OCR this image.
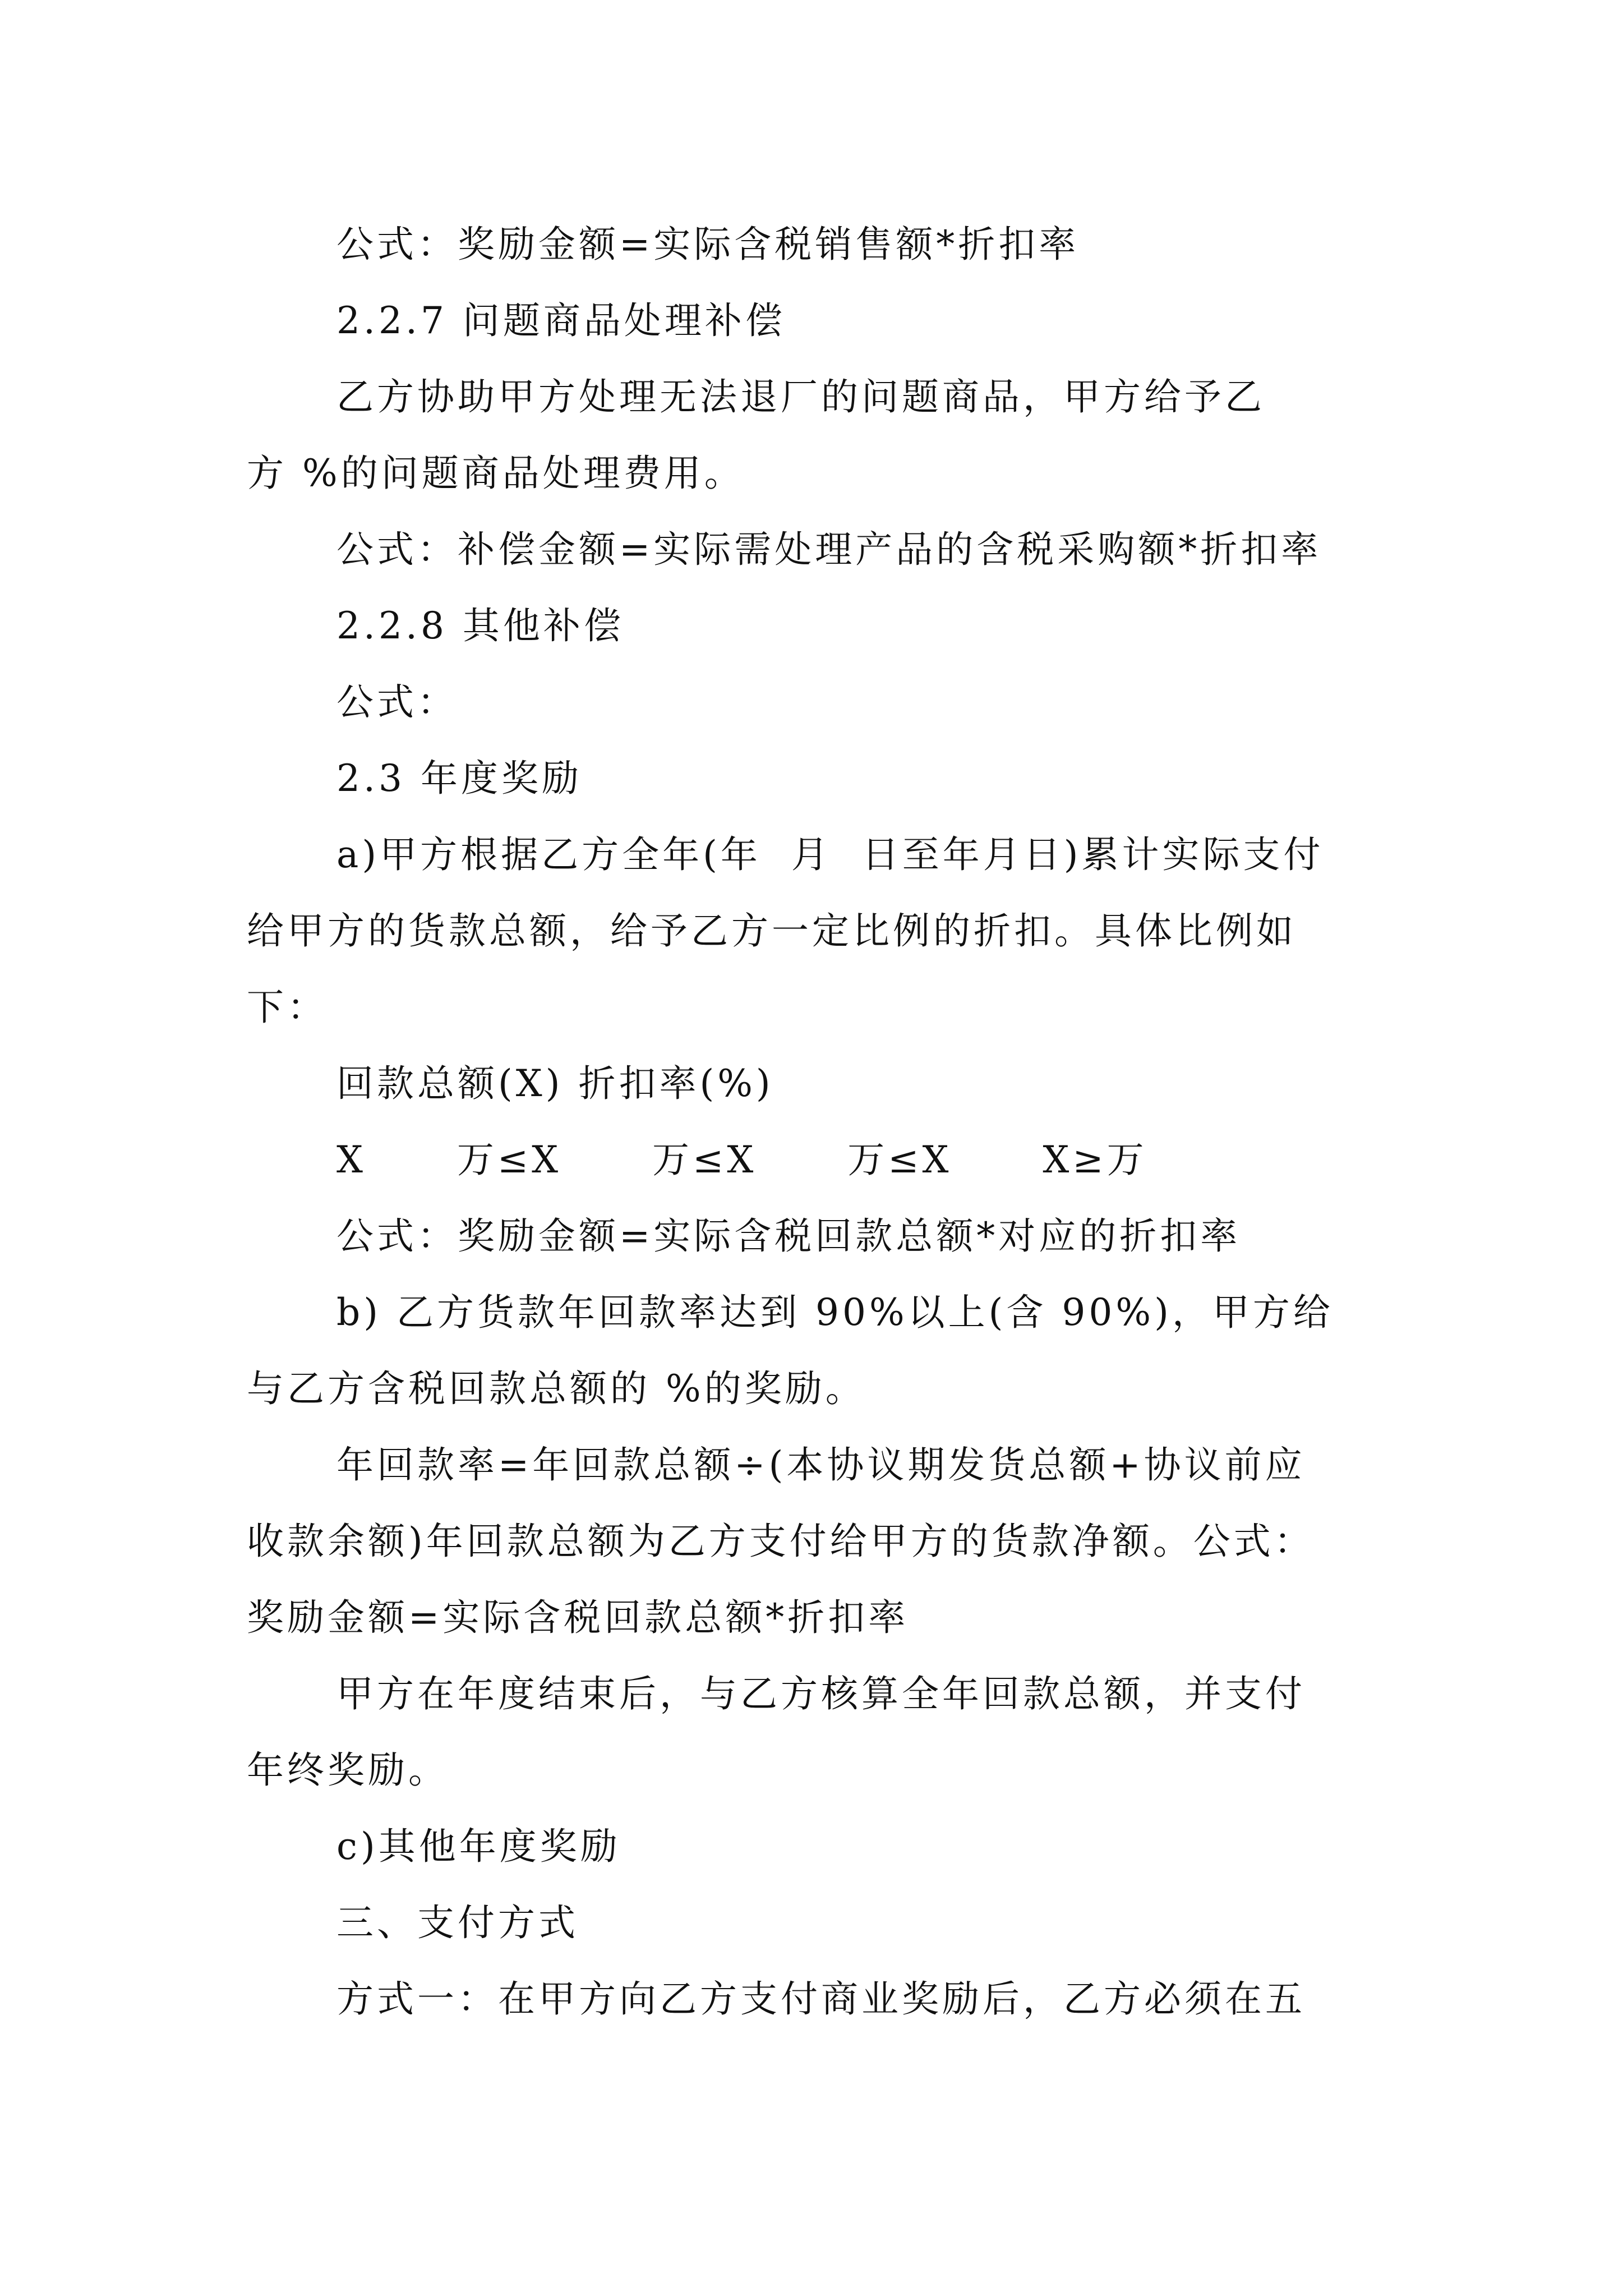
公式：奖励金额=实际含税销售额*折扣率

2.2.7 问题商品处理补偿

乙方协助甲方处理无法退厂的问题商品，甲方给予乙

方 %的问题商品处理费用。

公式：补偿金额=实际需处理产品的含税采购额*折扣率

2.2.8 其他补偿

公式：

2.3 年度奖励

a)甲方根据乙方全年(年  月  日至年月日)累计实际支付

给甲方的货款总额，给予乙方一定比例的折扣。具体比例如

下：

回款总额(X) 折扣率(%)

X      万≤X      万≤X      万≤X      X≥万

公式：奖励金额=实际含税回款总额*对应的折扣率

b) 乙方货款年回款率达到 90%以上(含 90%)，甲方给

与乙方含税回款总额的 %的奖励。

年回款率=年回款总额÷(本协议期发货总额+协议前应

收款余额)年回款总额为乙方支付给甲方的货款净额。公式：

奖励金额=实际含税回款总额*折扣率

甲方在年度结束后，与乙方核算全年回款总额，并支付

年终奖励。

c)其他年度奖励

三、支付方式

方式一：在甲方向乙方支付商业奖励后，乙方必须在五
